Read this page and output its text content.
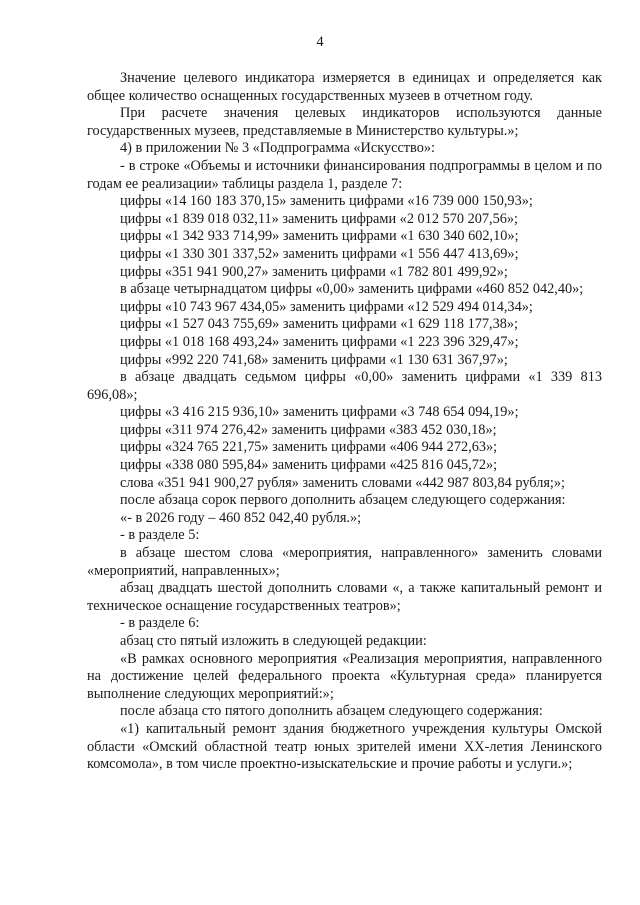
4

Значение целевого индикатора измеряется в единицах и определяется как общее количество оснащенных государственных музеев в отчетном году.

При расчете значения целевых индикаторов используются данные государственных музеев, представляемые в Министерство культуры.»;

4) в приложении № 3 «Подпрограмма «Искусство»:

- в строке «Объемы и источники финансирования подпрограммы в целом и по годам ее реализации» таблицы раздела 1, разделе 7:

цифры «14 160 183 370,15» заменить цифрами «16 739 000 150,93»;

цифры «1 839 018 032,11» заменить цифрами «2 012 570 207,56»;

цифры «1 342 933 714,99» заменить цифрами «1 630 340 602,10»;

цифры «1 330 301 337,52» заменить цифрами «1 556 447 413,69»;

цифры «351 941 900,27» заменить цифрами «1 782 801 499,92»;

в абзаце четырнадцатом цифры «0,00» заменить цифрами «460 852 042,40»;

цифры «10 743 967 434,05» заменить цифрами «12 529 494 014,34»;

цифры «1 527 043 755,69» заменить цифрами «1 629 118 177,38»;

цифры «1 018 168 493,24» заменить цифрами «1 223 396 329,47»;

цифры «992 220 741,68» заменить цифрами «1 130 631 367,97»;

в абзаце двадцать седьмом цифры «0,00» заменить цифрами «1 339 813 696,08»;

цифры «3 416 215 936,10» заменить цифрами «3 748 654 094,19»;

цифры «311 974 276,42» заменить цифрами «383 452 030,18»;

цифры «324 765 221,75» заменить цифрами «406 944 272,63»;

цифры «338 080 595,84» заменить цифрами «425 816 045,72»;

слова «351 941 900,27 рубля» заменить словами «442 987 803,84 рубля;»;

после абзаца сорок первого дополнить абзацем следующего содержания:

«- в 2026 году – 460 852 042,40 рубля.»;

- в разделе 5:

в абзаце шестом слова «мероприятия, направленного» заменить словами «мероприятий, направленных»;

абзац двадцать шестой дополнить словами «, а также капитальный ремонт и техническое оснащение государственных театров»;

- в разделе 6:

абзац сто пятый изложить в следующей редакции:

«В рамках основного мероприятия «Реализация мероприятия, направленного на достижение целей федерального проекта «Культурная среда» планируется выполнение следующих мероприятий:»;

после абзаца сто пятого дополнить абзацем следующего содержания:

«1) капитальный ремонт здания бюджетного учреждения культуры Омской области «Омский областной театр юных зрителей имени XX-летия Ленинского комсомола», в том числе проектно-изыскательские и прочие работы и услуги.»;
